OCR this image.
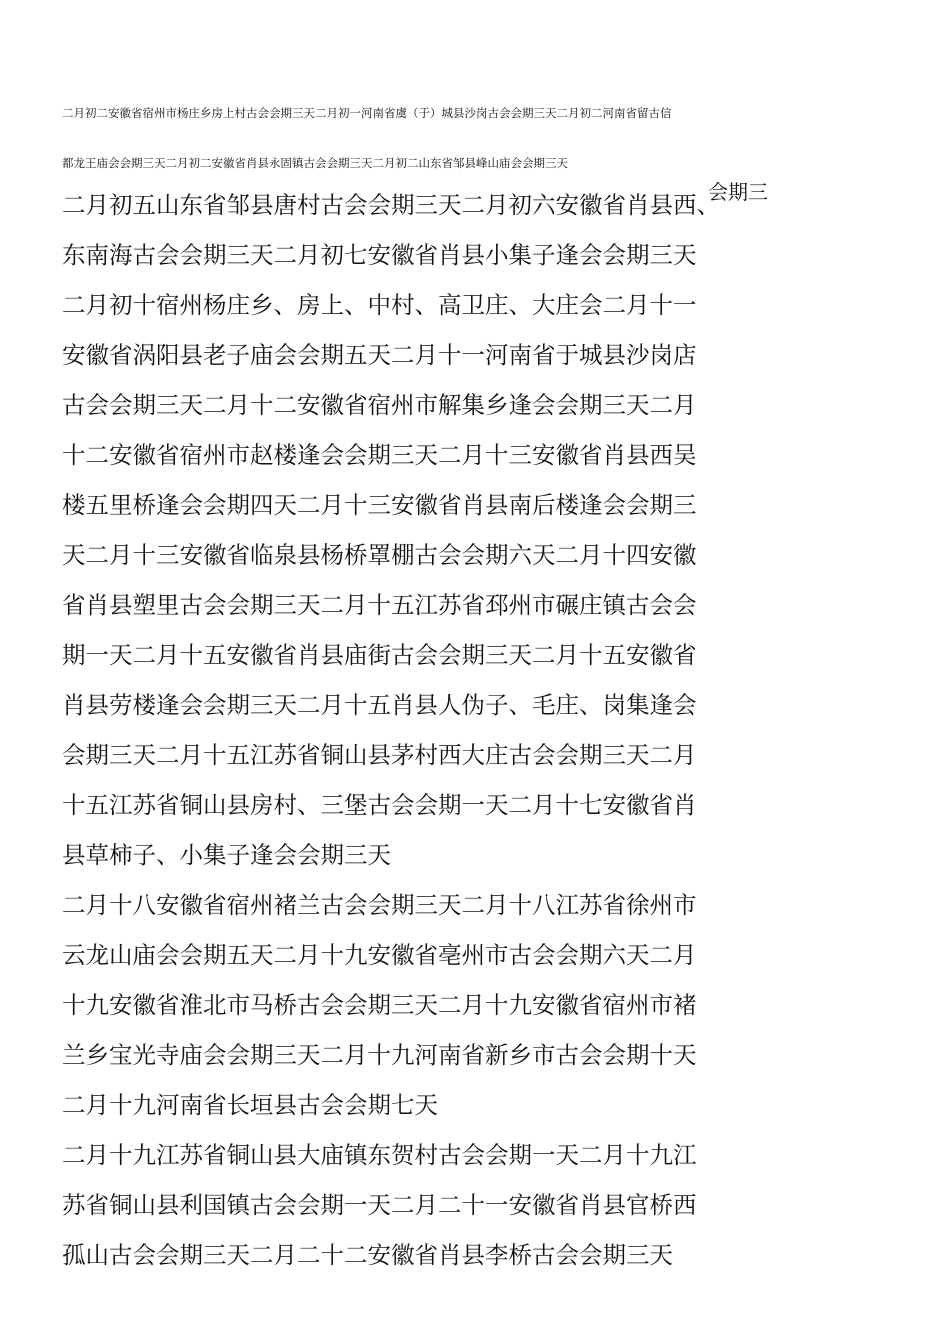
二月初二安徽省宿州市杨庄乡房上村古会会期三天二月初一河南省虞（于）城县沙岗古会会期三天二月初二河南省留古信
都龙王庙会会期三天二月初二安徽省肖县永固镇古会会期三天二月初二山东省邹县峰山庙会会期三天
二月初五山东省邹县唐村古会会期三天二月初六安徽省肖县西、
东南海古会会期三天二月初七安徽省肖县小集子逢会会期三天
二月初十宿州杨庄乡、房上、中村、高卫庄、大庄会二月十一
安徽省涡阳县老子庙会会期五天二月十一河南省于城县沙岗店
古会会期三天二月十二安徽省宿州市解集乡逢会会期三天二月
十二安徽省宿州市赵楼逢会会期三天二月十三安徽省肖县西吴
楼五里桥逢会会期四天二月十三安徽省肖县南后楼逢会会期三
天二月十三安徽省临泉县杨桥罩棚古会会期六天二月十四安徽
省肖县塑里古会会期三天二月十五江苏省邳州市碾庄镇古会会
期一天二月十五安徽省肖县庙街古会会期三天二月十五安徽省
肖县劳楼逢会会期三天二月十五肖县人伪子、毛庄、岗集逢会
会期三天二月十五江苏省铜山县茅村西大庄古会会期三天二月
十五江苏省铜山县房村、三堡古会会期一天二月十七安徽省肖
县草柿子、小集子逢会会期三天
二月十八安徽省宿州褚兰古会会期三天二月十八江苏省徐州市
云龙山庙会会期五天二月十九安徽省亳州市古会会期六天二月
十九安徽省淮北市马桥古会会期三天二月十九安徽省宿州市褚
兰乡宝光寺庙会会期三天二月十九河南省新乡市古会会期十天
二月十九河南省长垣县古会会期七天
二月十九江苏省铜山县大庙镇东贺村古会会期一天二月十九江
苏省铜山县利国镇古会会期一天二月二十一安徽省肖县官桥西
孤山古会会期三天二月二十二安徽省肖县李桥古会会期三天
会期三
